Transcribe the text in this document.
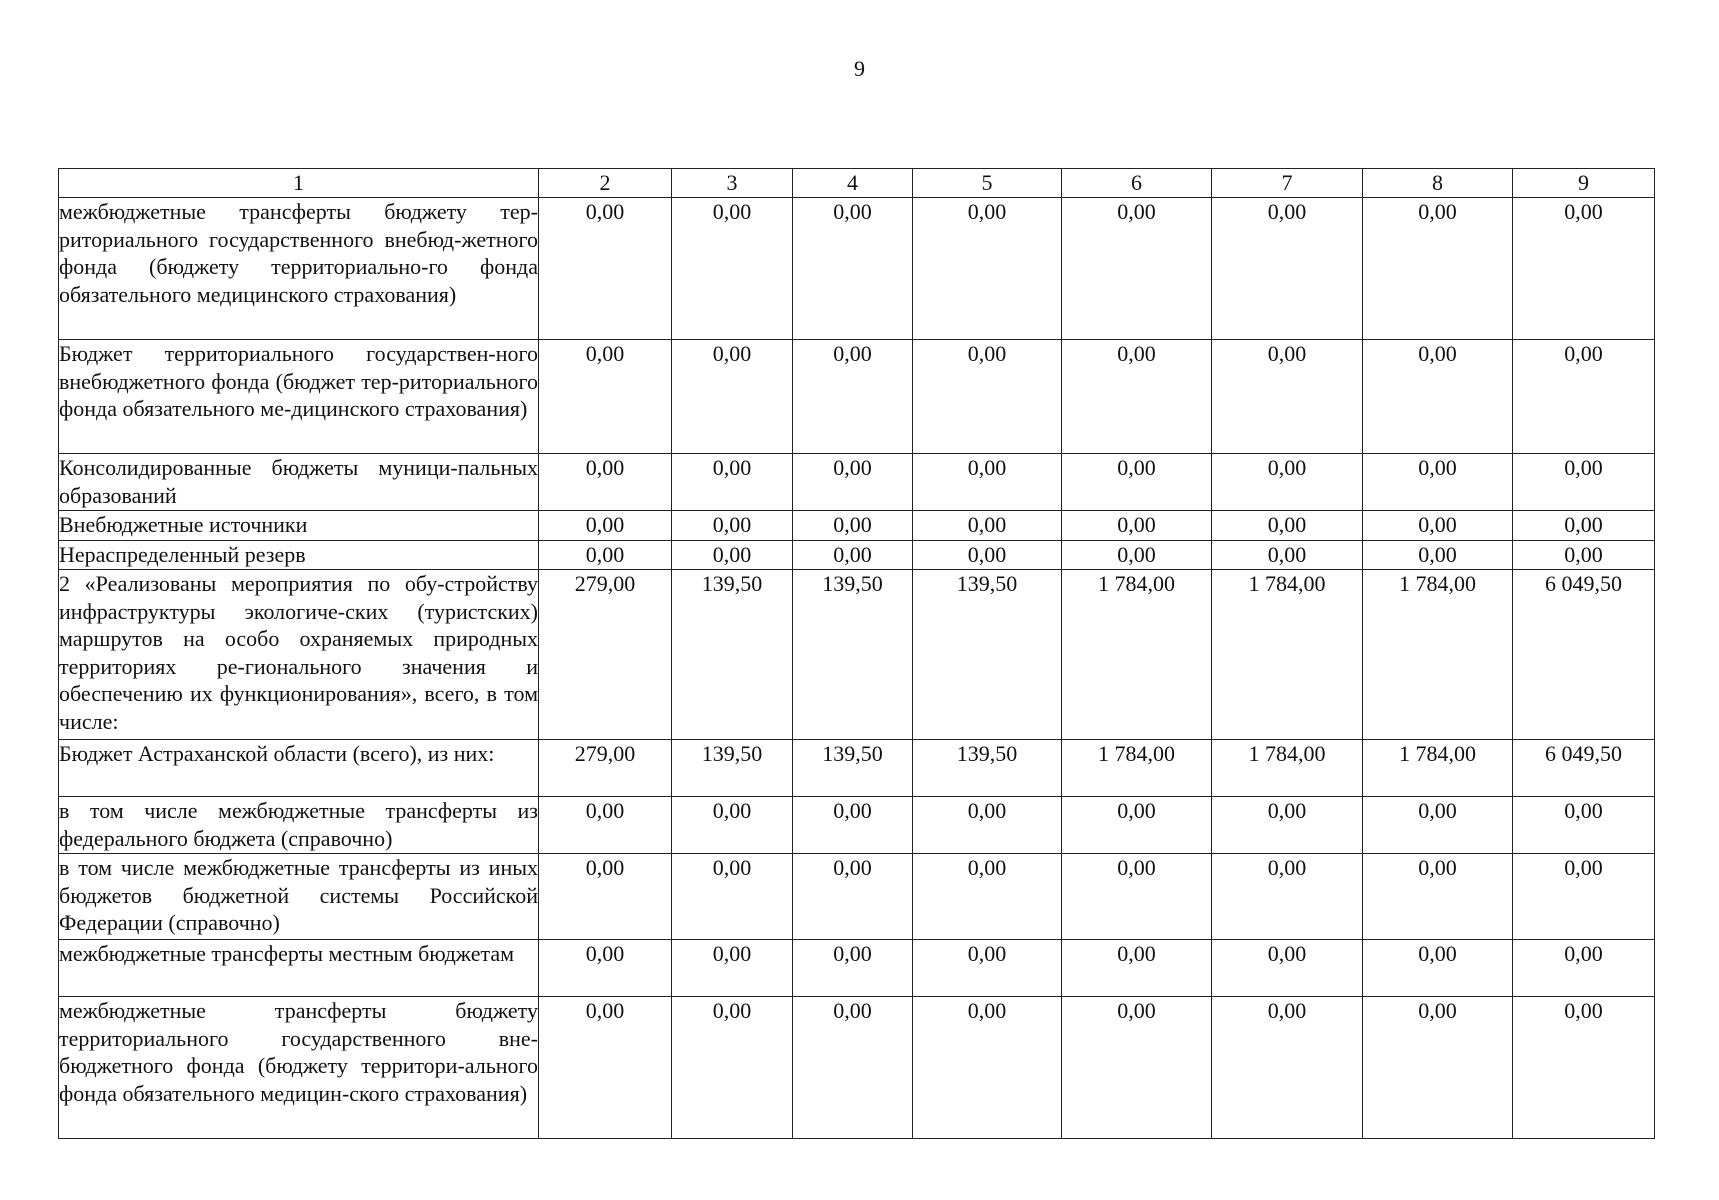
9
1	2	3	4	5	6	7	8	9
межбюджетные трансферты бюджету тер-риториального государственного внебюд-жетного фонда (бюджету территориально-го фонда обязательного медицинского страхования)	0,00	0,00	0,00	0,00	0,00	0,00	0,00	0,00
Бюджет территориального государствен-ного внебюджетного фонда (бюджет тер-риториального фонда обязательного ме-дицинского страхования)	0,00	0,00	0,00	0,00	0,00	0,00	0,00	0,00
Консолидированные бюджеты муници-пальных образований	0,00	0,00	0,00	0,00	0,00	0,00	0,00	0,00
Внебюджетные источники	0,00	0,00	0,00	0,00	0,00	0,00	0,00	0,00
Нераспределенный резерв	0,00	0,00	0,00	0,00	0,00	0,00	0,00	0,00
2 «Реализованы мероприятия по обу-стройству инфраструктуры экологиче-ских (туристских) маршрутов на особо охраняемых природных территориях ре-гионального значения и обеспечению их функционирования», всего, в том числе:	279,00	139,50	139,50	139,50	1 784,00	1 784,00	1 784,00	6 049,50
Бюджет Астраханской области (всего), из них:	279,00	139,50	139,50	139,50	1 784,00	1 784,00	1 784,00	6 049,50
в том числе межбюджетные трансферты из федерального бюджета (справочно)	0,00	0,00	0,00	0,00	0,00	0,00	0,00	0,00
в том числе межбюджетные трансферты из иных бюджетов бюджетной системы Российской Федерации (справочно)	0,00	0,00	0,00	0,00	0,00	0,00	0,00	0,00
межбюджетные трансферты местным бюджетам	0,00	0,00	0,00	0,00	0,00	0,00	0,00	0,00
межбюджетные трансферты бюджету территориального государственного вне-бюджетного фонда (бюджету территори-ального фонда обязательного медицин-ского страхования)	0,00	0,00	0,00	0,00	0,00	0,00	0,00	0,00
